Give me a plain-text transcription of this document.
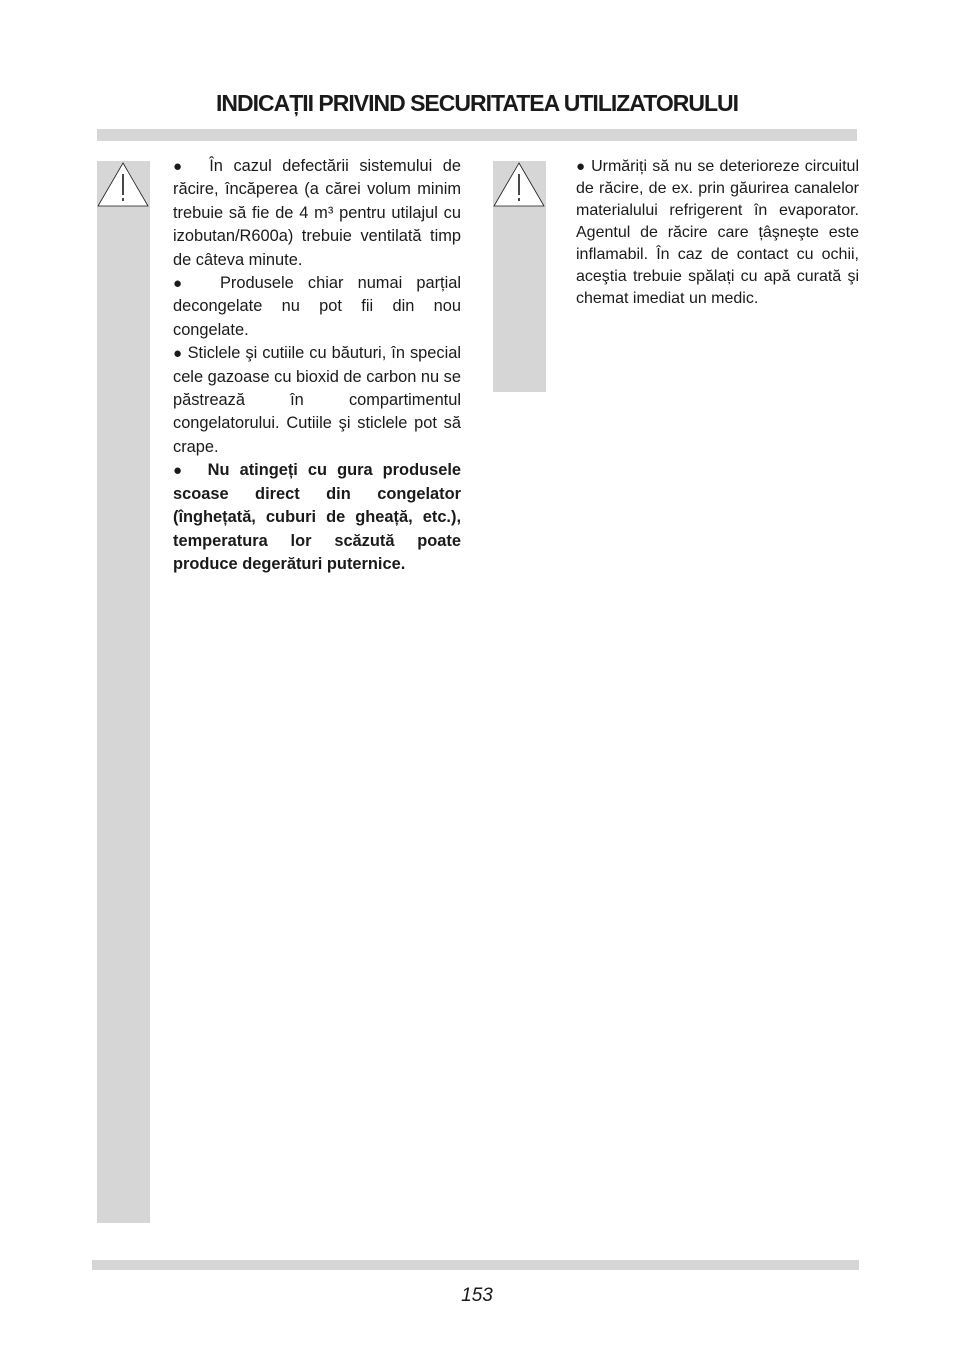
INDICAȚII PRIVIND SECURITATEA UTILIZATORULUI

● În cazul defectării sistemului de răcire, încăperea (a cărei volum minim trebuie să fie de 4 m³ pentru utilajul cu izobutan/R600a) trebuie ventilată timp de câteva minute.

● Produsele chiar numai parțial decongelate nu pot fii din nou congelate.

● Sticlele şi cutiile cu băuturi, în special cele gazoase cu bioxid de carbon nu se păstrează în compartimentul congelatorului. Cutiile şi sticlele pot să crape.

● Nu atingeți cu gura produsele scoase direct din congelator (înghețată, cuburi de gheață, etc.), temperatura lor scăzută poate produce degerături puternice.

● Urmăriți să nu se deterioreze circuitul de răcire, de ex. prin găurirea canalelor materialului refrigerent în evaporator. Agentul de răcire care țâşneşte este inflamabil. În caz de contact cu ochii, aceştia trebuie spălați cu apă curată şi chemat imediat un medic.

153
